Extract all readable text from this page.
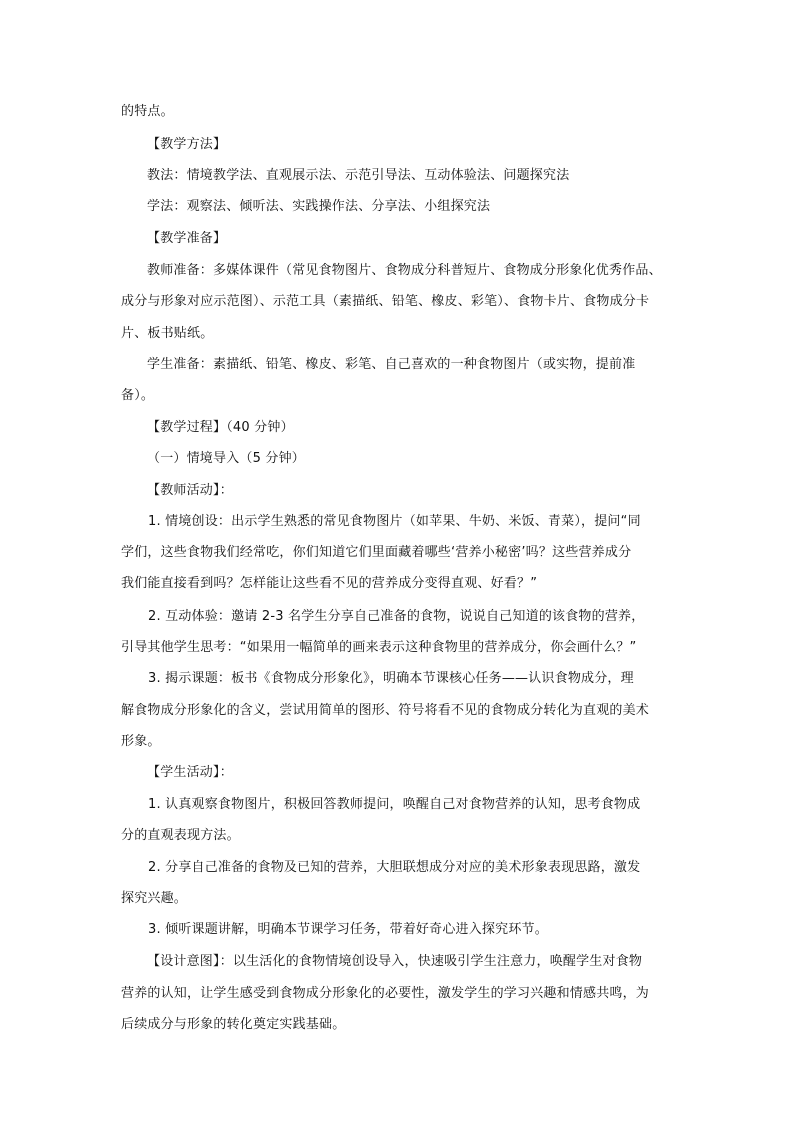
的特点。
【教学方法】
教法：情境教学法、直观展示法、示范引导法、互动体验法、问题探究法
学法：观察法、倾听法、实践操作法、分享法、小组探究法
【教学准备】
教师准备：多媒体课件（常见食物图片、食物成分科普短片、食物成分形象化优秀作品、
成分与形象对应示范图）、示范工具（素描纸、铅笔、橡皮、彩笔）、食物卡片、食物成分卡
片、板书贴纸。
学生准备：素描纸、铅笔、橡皮、彩笔、自己喜欢的一种食物图片（或实物，提前准
备）。
【教学过程】（40 分钟）
（一）情境导入（5 分钟）
【教师活动】：
1. 情境创设：出示学生熟悉的常见食物图片（如苹果、牛奶、米饭、青菜），提问“同
学们，这些食物我们经常吃，你们知道它们里面藏着哪些‘营养小秘密’吗？这些营养成分
我们能直接看到吗？怎样能让这些看不见的营养成分变得直观、好看？”
2. 互动体验：邀请 2-3 名学生分享自己准备的食物，说说自己知道的该食物的营养，
引导其他学生思考：“如果用一幅简单的画来表示这种食物里的营养成分，你会画什么？”
3. 揭示课题：板书《食物成分形象化》，明确本节课核心任务——认识食物成分，理
解食物成分形象化的含义，尝试用简单的图形、符号将看不见的食物成分转化为直观的美术
形象。
【学生活动】：
1. 认真观察食物图片，积极回答教师提问，唤醒自己对食物营养的认知，思考食物成
分的直观表现方法。
2. 分享自己准备的食物及已知的营养，大胆联想成分对应的美术形象表现思路，激发
探究兴趣。
3. 倾听课题讲解，明确本节课学习任务，带着好奇心进入探究环节。
【设计意图】：以生活化的食物情境创设导入，快速吸引学生注意力，唤醒学生对食物
营养的认知，让学生感受到食物成分形象化的必要性，激发学生的学习兴趣和情感共鸣，为
后续成分与形象的转化奠定实践基础。
